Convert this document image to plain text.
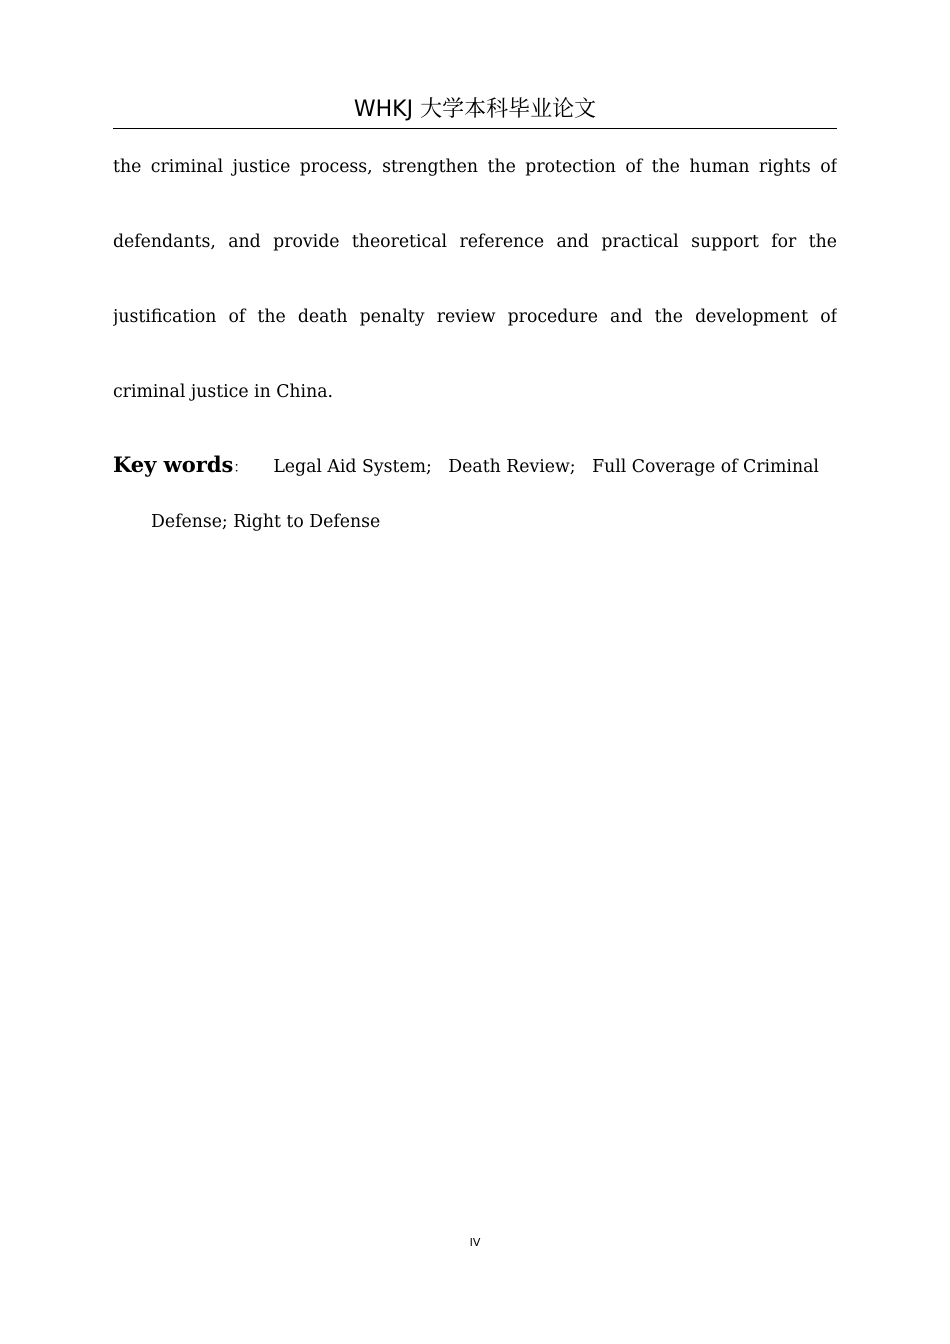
WHKJ 大学本科毕业论文
the criminal justice process, strengthen the protection of the human rights of
defendants, and provide theoretical reference and practical support for the
justification of the death penalty review procedure and the development of
criminal justice in China.
Key words ： Legal Aid System;   Death Review;   Full Coverage of Criminal
Defense; Right to Defense
IV
